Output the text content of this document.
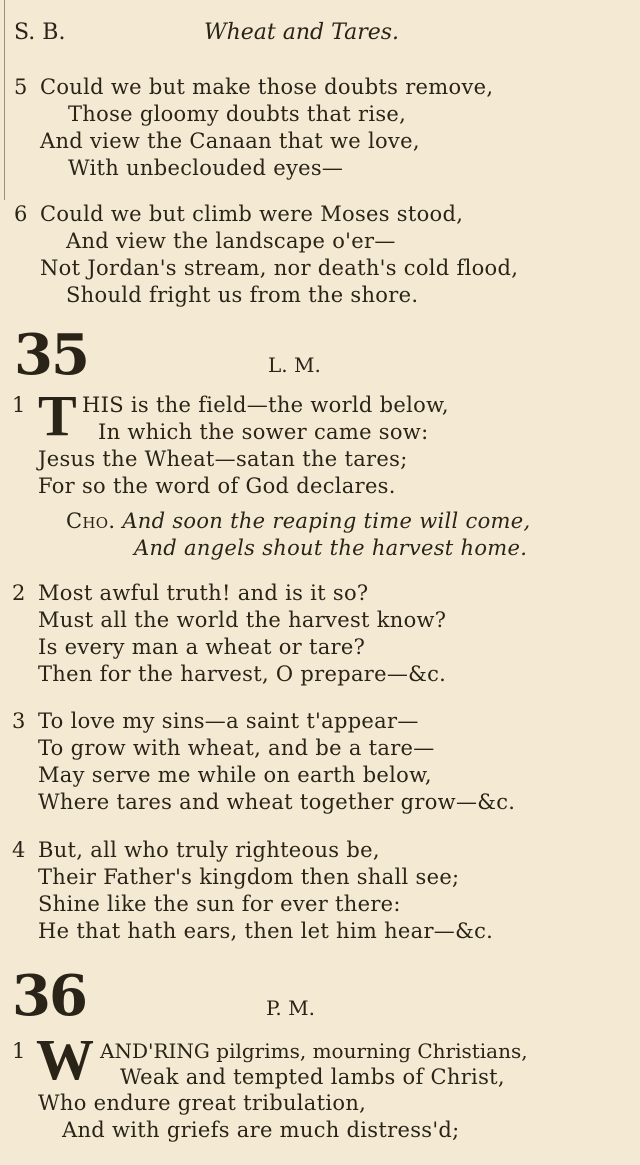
S. B.	Wheat and Tares.
5 Could we but make those doubts remove,
Those gloomy doubts that rise,
And view the Canaan that we love,
With unbeclouded eyes—
6 Could we but climb were Moses stood,
And view the landscape o'er—
Not Jordan's stream, nor death's cold flood,
Should fright us from the shore.
35	L. M.
1 T HIS is the field—the world below,
In which the sower came sow:
Jesus the Wheat—satan the tares;
For so the word of God declares.
Cho. And soon the reaping time will come,
And angels shout the harvest home.
2 Most awful truth! and is it so?
Must all the world the harvest know?
Is every man a wheat or tare?
Then for the harvest, O prepare—&c.
3 To love my sins—a saint t'appear—
To grow with wheat, and be a tare—
May serve me while on earth below,
Where tares and wheat together grow—&c.
4 But, all who truly righteous be,
Their Father's kingdom then shall see;
Shine like the sun for ever there:
He that hath ears, then let him hear—&c.
36	P. M.
1 W AND'RING pilgrims, mourning Christians,
Weak and tempted lambs of Christ,
Who endure great tribulation,
And with griefs are much distress'd;
